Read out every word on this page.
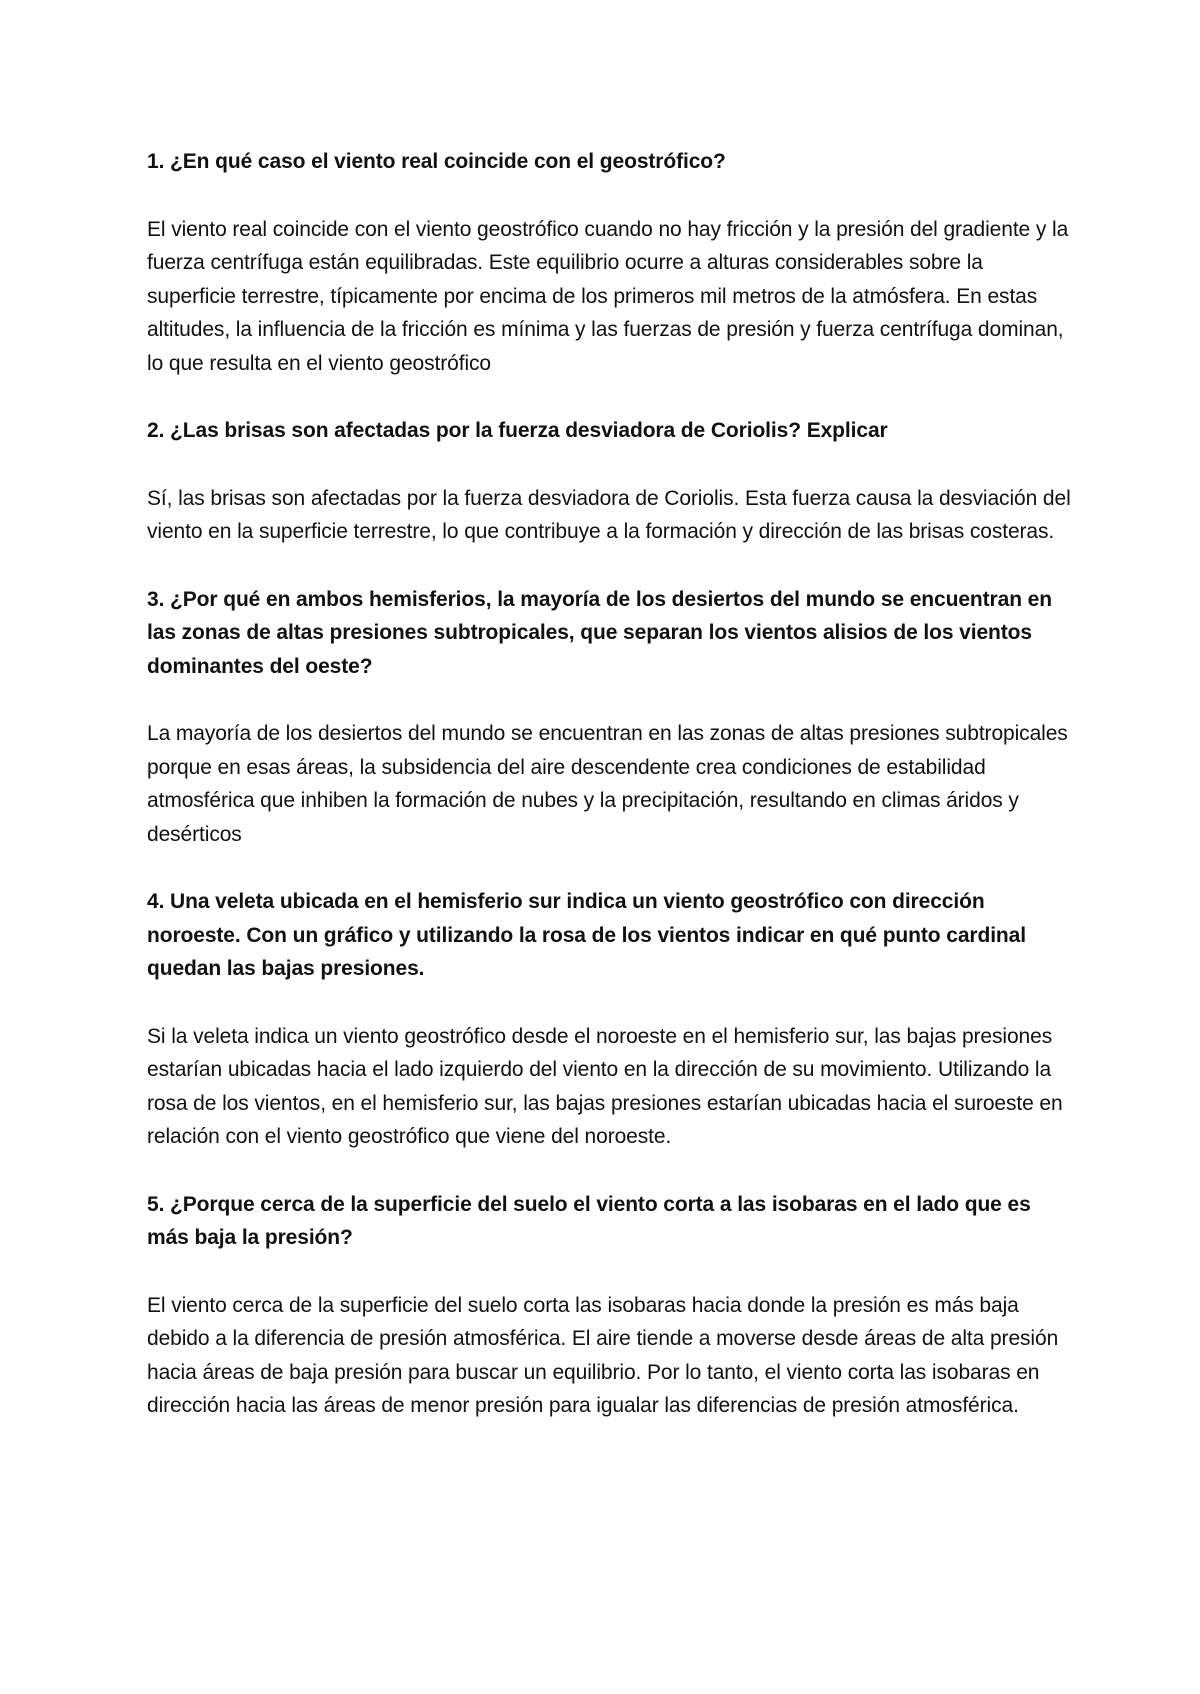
1. ¿En qué caso el viento real coincide con el geostrófico?

El viento real coincide con el viento geostrófico cuando no hay fricción y la presión del gradiente y la fuerza centrífuga están equilibradas. Este equilibrio ocurre a alturas considerables sobre la superficie terrestre, típicamente por encima de los primeros mil metros de la atmósfera. En estas altitudes, la influencia de la fricción es mínima y las fuerzas de presión y fuerza centrífuga dominan, lo que resulta en el viento geostrófico

2. ¿Las brisas son afectadas por la fuerza desviadora de Coriolis? Explicar

Sí, las brisas son afectadas por la fuerza desviadora de Coriolis. Esta fuerza causa la desviación del viento en la superficie terrestre, lo que contribuye a la formación y dirección de las brisas costeras.

3. ¿Por qué en ambos hemisferios, la mayoría de los desiertos del mundo se encuentran en las zonas de altas presiones subtropicales, que separan los vientos alisios de los vientos dominantes del oeste?

La mayoría de los desiertos del mundo se encuentran en las zonas de altas presiones subtropicales porque en esas áreas, la subsidencia del aire descendente crea condiciones de estabilidad atmosférica que inhiben la formación de nubes y la precipitación, resultando en climas áridos y desérticos

4. Una veleta ubicada en el hemisferio sur indica un viento geostrófico con dirección noroeste. Con un gráfico y utilizando la rosa de los vientos indicar en qué punto cardinal quedan las bajas presiones.

Si la veleta indica un viento geostrófico desde el noroeste en el hemisferio sur, las bajas presiones estarían ubicadas hacia el lado izquierdo del viento en la dirección de su movimiento. Utilizando la rosa de los vientos, en el hemisferio sur, las bajas presiones estarían ubicadas hacia el suroeste en relación con el viento geostrófico que viene del noroeste.

5. ¿Porque cerca de la superficie del suelo el viento corta a las isobaras en el lado que es más baja la presión?

El viento cerca de la superficie del suelo corta las isobaras hacia donde la presión es más baja debido a la diferencia de presión atmosférica. El aire tiende a moverse desde áreas de alta presión hacia áreas de baja presión para buscar un equilibrio. Por lo tanto, el viento corta las isobaras en dirección hacia las áreas de menor presión para igualar las diferencias de presión atmosférica.
